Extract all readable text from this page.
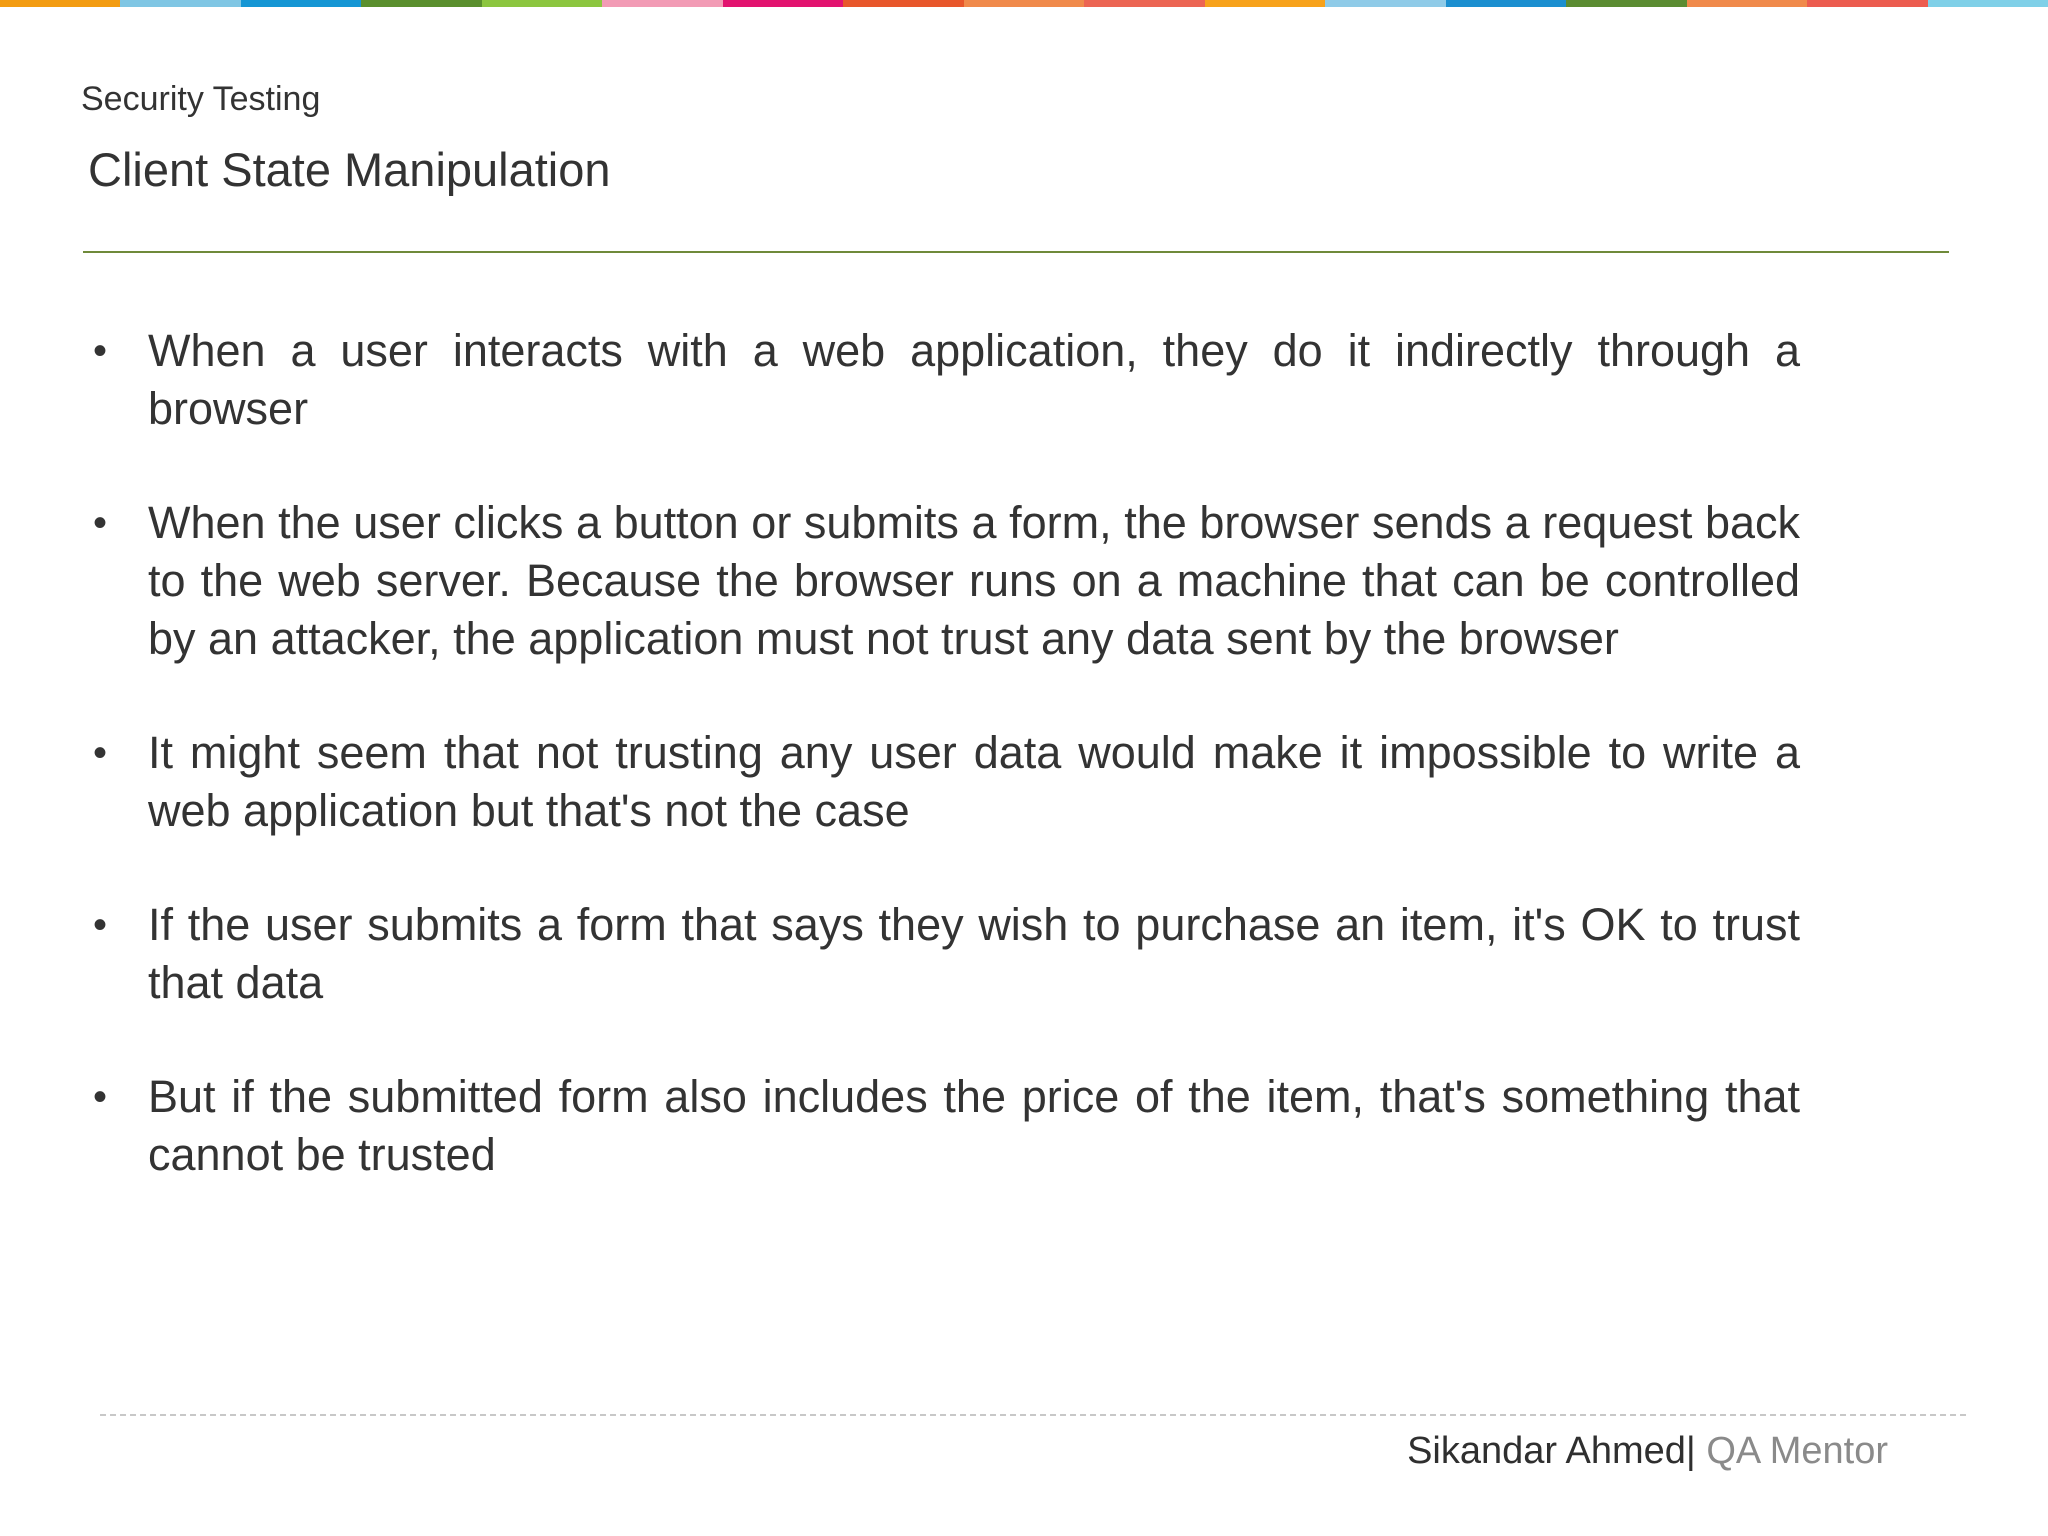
Security Testing
Client State Manipulation
• When a user interacts with a web application, they do it indirectly through a browser
• When the user clicks a button or submits a form, the browser sends a request back to the web server. Because the browser runs on a machine that can be controlled by an attacker, the application must not trust any data sent by the browser
• It might seem that not trusting any user data would make it impossible to write a web application but that's not the case
• If the user submits a form that says they wish to purchase an item, it's OK to trust that data
• But if the submitted form also includes the price of the item, that's something that cannot be trusted
Sikandar Ahmed| QA Mentor
